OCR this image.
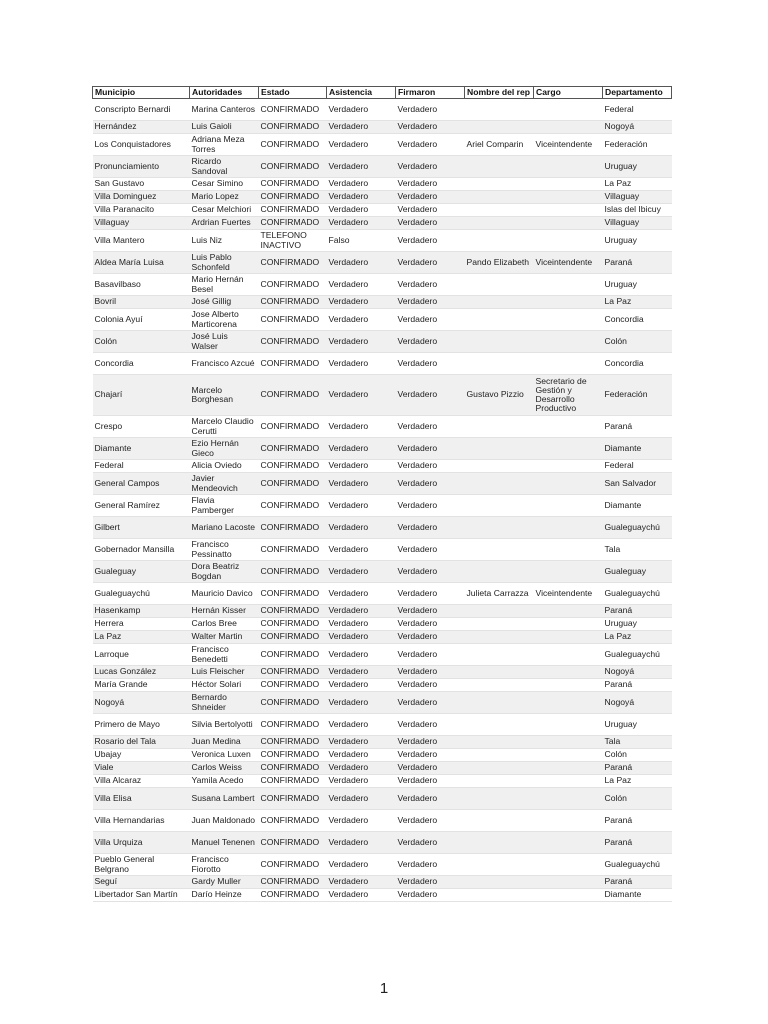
Municipio	Autoridades	Estado	Asistencia	Firmaron	Nombre del rep	Cargo	Departamento
Conscripto Bernardi	Marina Canteros	CONFIRMADO	Verdadero	Verdadero			Federal
Hernández	Luis Gaioli	CONFIRMADO	Verdadero	Verdadero			Nogoyá
Los Conquistadores	Adriana Meza Torres	CONFIRMADO	Verdadero	Verdadero	Ariel Comparin	Viceintendente	Federación
Pronunciamiento	Ricardo Sandoval	CONFIRMADO	Verdadero	Verdadero			Uruguay
San Gustavo	Cesar Simino	CONFIRMADO	Verdadero	Verdadero			La Paz
Villa Dominguez	Mario Lopez	CONFIRMADO	Verdadero	Verdadero			Villaguay
Villa Paranacito	Cesar Melchiori	CONFIRMADO	Verdadero	Verdadero			Islas del Ibicuy
Villaguay	Ardrian Fuertes	CONFIRMADO	Verdadero	Verdadero			Villaguay
Villa Mantero	Luis Niz	TELEFONO INACTIVO	Falso	Verdadero			Uruguay
Aldea María Luisa	Luis Pablo Schonfeld	CONFIRMADO	Verdadero	Verdadero	Pando Elizabeth	Viceintendente	Paraná
Basavilbaso	Mario Hernán Besel	CONFIRMADO	Verdadero	Verdadero			Uruguay
Bovril	José Gillig	CONFIRMADO	Verdadero	Verdadero			La Paz
Colonia Ayuí	Jose Alberto Marticorena	CONFIRMADO	Verdadero	Verdadero			Concordia
Colón	José Luis Walser	CONFIRMADO	Verdadero	Verdadero			Colón
Concordia	Francisco Azcué	CONFIRMADO	Verdadero	Verdadero			Concordia
Chajarí	Marcelo Borghesan	CONFIRMADO	Verdadero	Verdadero	Gustavo Pizzio	Secretario de Gestión y Desarrollo Productivo	Federación
Crespo	Marcelo Claudio Cerutti	CONFIRMADO	Verdadero	Verdadero			Paraná
Diamante	Ezio Hernán Gieco	CONFIRMADO	Verdadero	Verdadero			Diamante
Federal	Alicia Oviedo	CONFIRMADO	Verdadero	Verdadero			Federal
General Campos	Javier Mendeovich	CONFIRMADO	Verdadero	Verdadero			San Salvador
General Ramírez	Flavia Pamberger	CONFIRMADO	Verdadero	Verdadero			Diamante
Gilbert	Mariano Lacoste	CONFIRMADO	Verdadero	Verdadero			Gualeguaychú
Gobernador Mansilla	Francisco Pessinatto	CONFIRMADO	Verdadero	Verdadero			Tala
Gualeguay	Dora Beatriz Bogdan	CONFIRMADO	Verdadero	Verdadero			Gualeguay
Gualeguaychú	Mauricio Davico	CONFIRMADO	Verdadero	Verdadero	Julieta Carrazza	Viceintendente	Gualeguaychú
Hasenkamp	Hernán Kisser	CONFIRMADO	Verdadero	Verdadero			Paraná
Herrera	Carlos Bree	CONFIRMADO	Verdadero	Verdadero			Uruguay
La Paz	Walter Martin	CONFIRMADO	Verdadero	Verdadero			La Paz
Larroque	Francisco Benedetti	CONFIRMADO	Verdadero	Verdadero			Gualeguaychú
Lucas González	Luis Fleischer	CONFIRMADO	Verdadero	Verdadero			Nogoyá
María Grande	Héctor Solari	CONFIRMADO	Verdadero	Verdadero			Paraná
Nogoyá	Bernardo Shneider	CONFIRMADO	Verdadero	Verdadero			Nogoyá
Primero de Mayo	Silvia Bertolyotti	CONFIRMADO	Verdadero	Verdadero			Uruguay
Rosario del Tala	Juan Medina	CONFIRMADO	Verdadero	Verdadero			Tala
Ubajay	Veronica Luxen	CONFIRMADO	Verdadero	Verdadero			Colón
Viale	Carlos Weiss	CONFIRMADO	Verdadero	Verdadero			Paraná
Villa Alcaraz	Yamila Acedo	CONFIRMADO	Verdadero	Verdadero			La Paz
Villa Elisa	Susana Lambert	CONFIRMADO	Verdadero	Verdadero			Colón
Villa Hernandarias	Juan Maldonado	CONFIRMADO	Verdadero	Verdadero			Paraná
Villa Urquiza	Manuel Tenenen	CONFIRMADO	Verdadero	Verdadero			Paraná
Pueblo General Belgrano	Francisco Fiorotto	CONFIRMADO	Verdadero	Verdadero			Gualeguaychú
Seguí	Gardy Muller	CONFIRMADO	Verdadero	Verdadero			Paraná
Libertador San Martín	Darío Heinze	CONFIRMADO	Verdadero	Verdadero			Diamante
1
